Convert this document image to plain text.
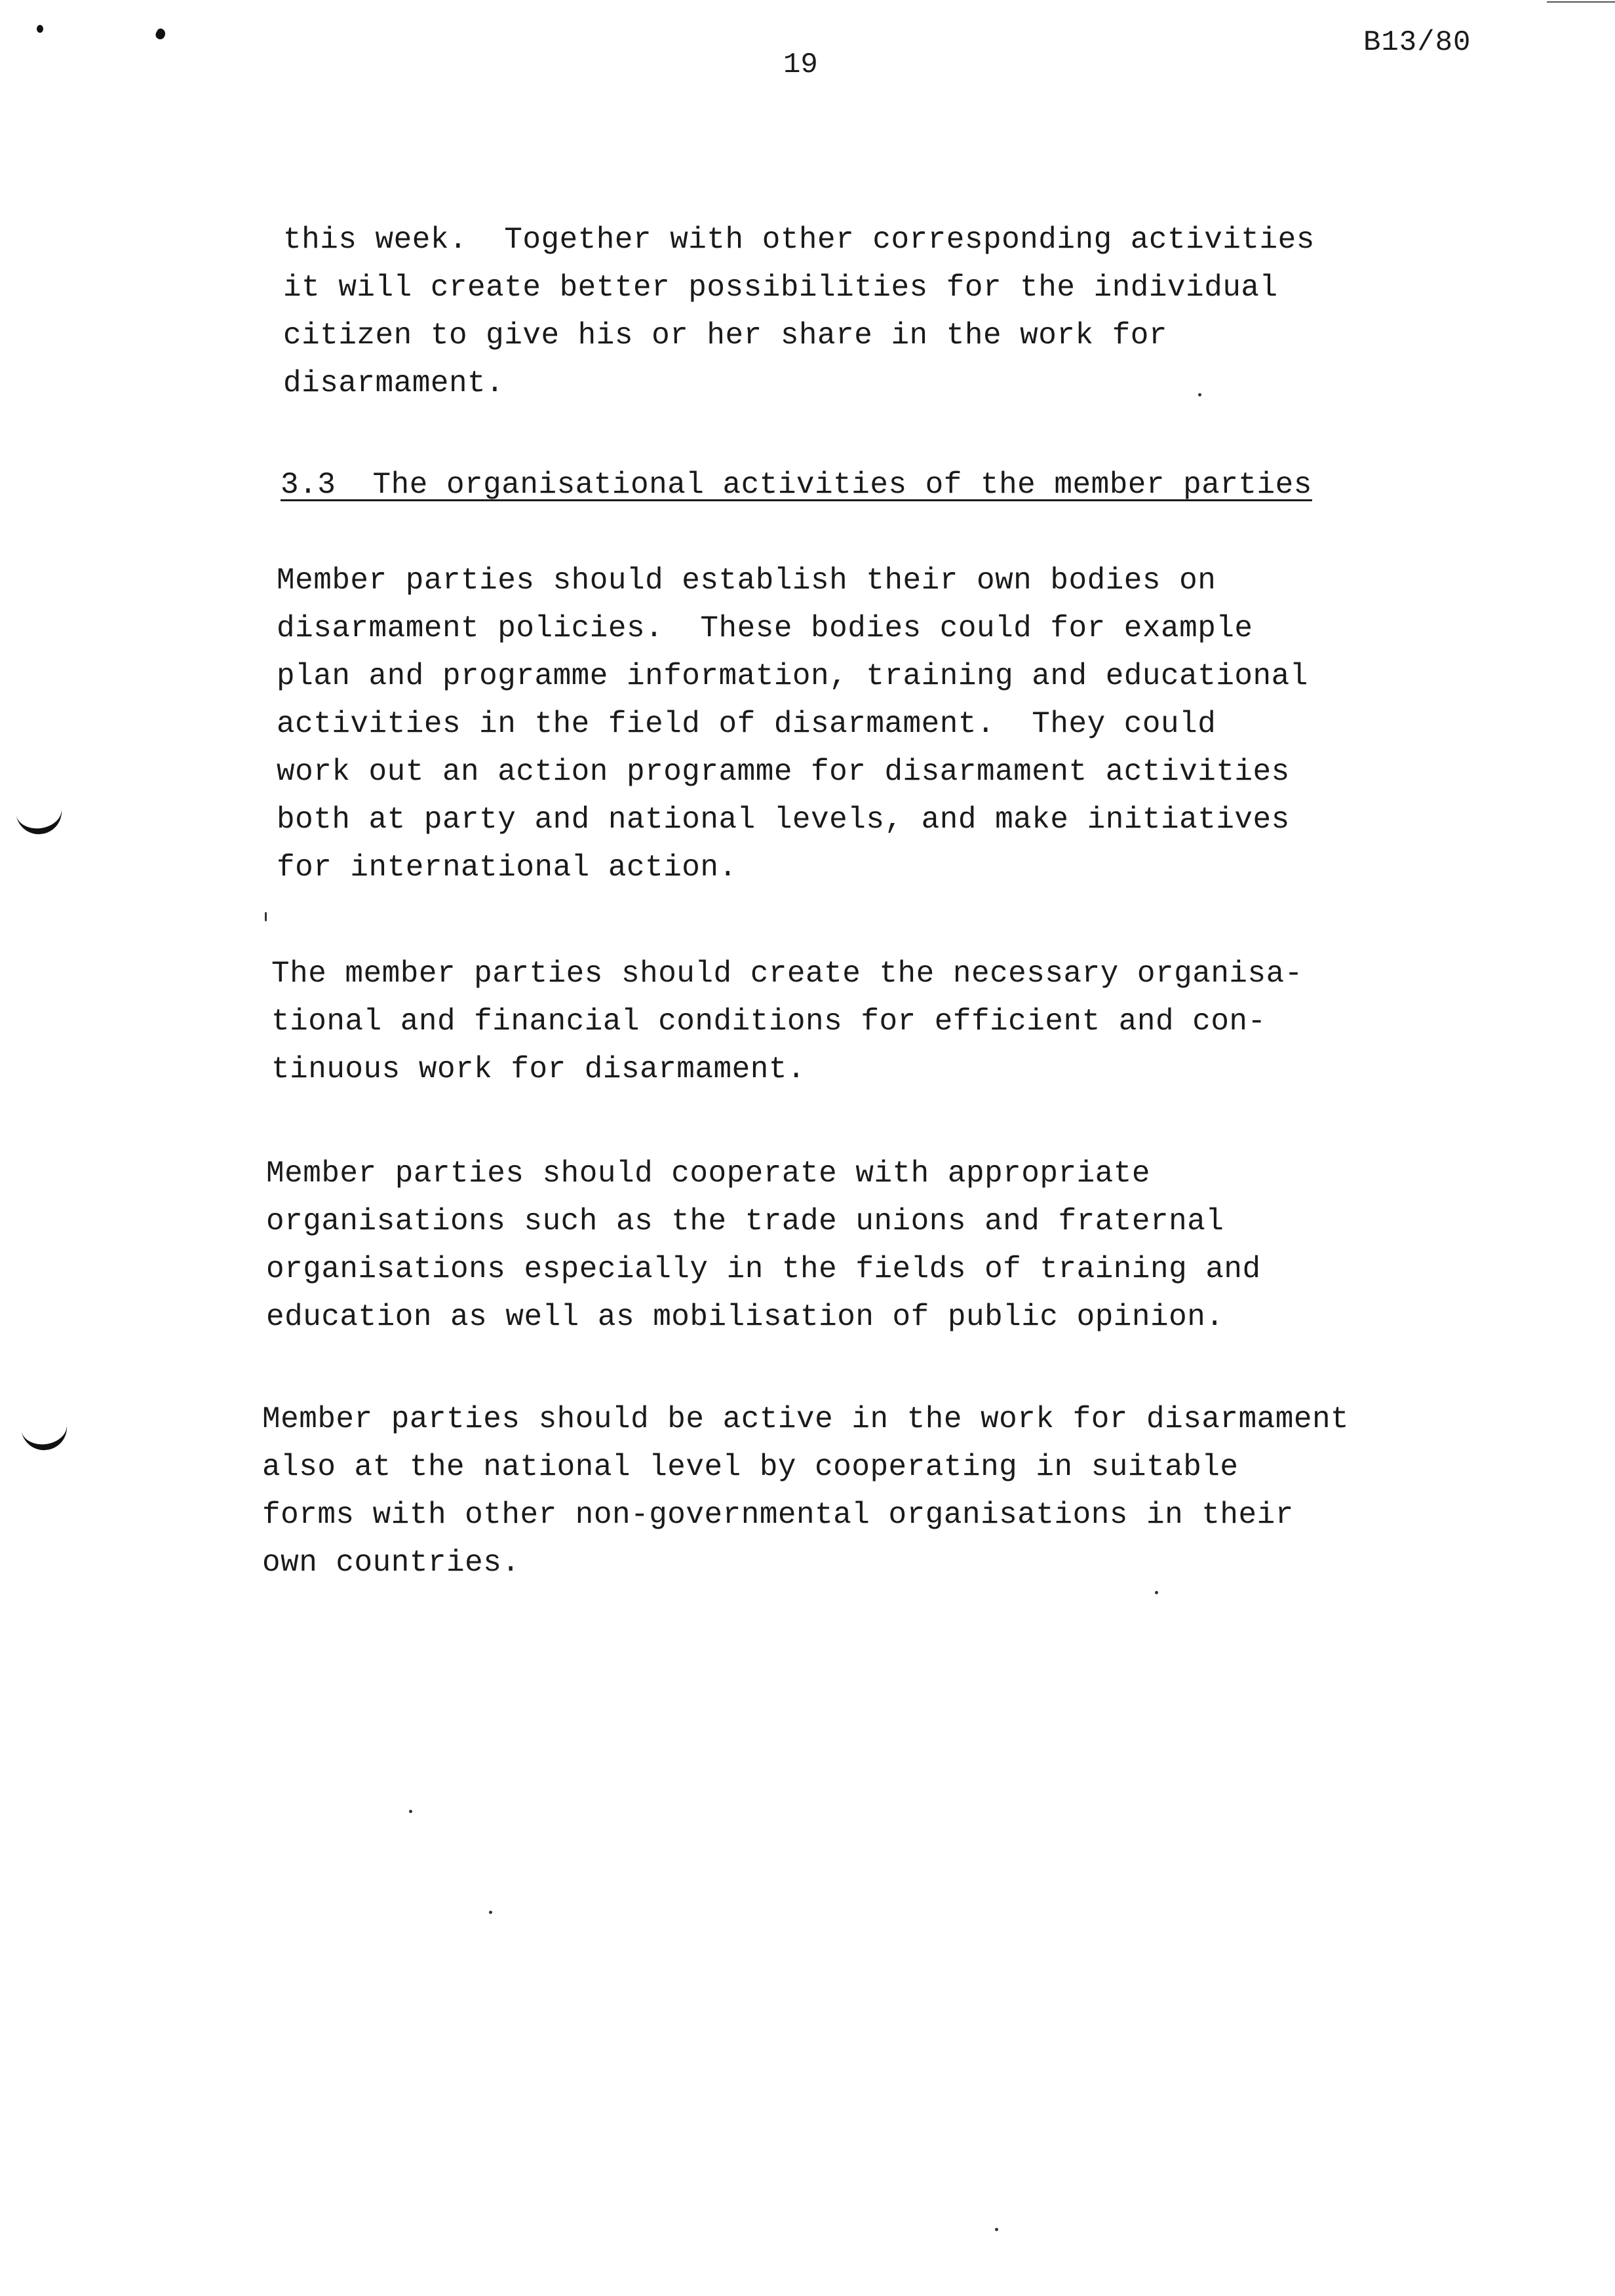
B13/80
19

this week.  Together with other corresponding activities
it will create better possibilities for the individual
citizen to give his or her share in the work for
disarmament.

3.3  The organisational activities of the member parties

Member parties should establish their own bodies on
disarmament policies.  These bodies could for example
plan and programme information, training and educational
activities in the field of disarmament.  They could
work out an action programme for disarmament activities
both at party and national levels, and make initiatives
for international action.

The member parties should create the necessary organisa-
tional and financial conditions for efficient and con-
tinuous work for disarmament.

Member parties should cooperate with appropriate
organisations such as the trade unions and fraternal
organisations especially in the fields of training and
education as well as mobilisation of public opinion.

Member parties should be active in the work for disarmament
also at the national level by cooperating in suitable
forms with other non-governmental organisations in their
own countries.
